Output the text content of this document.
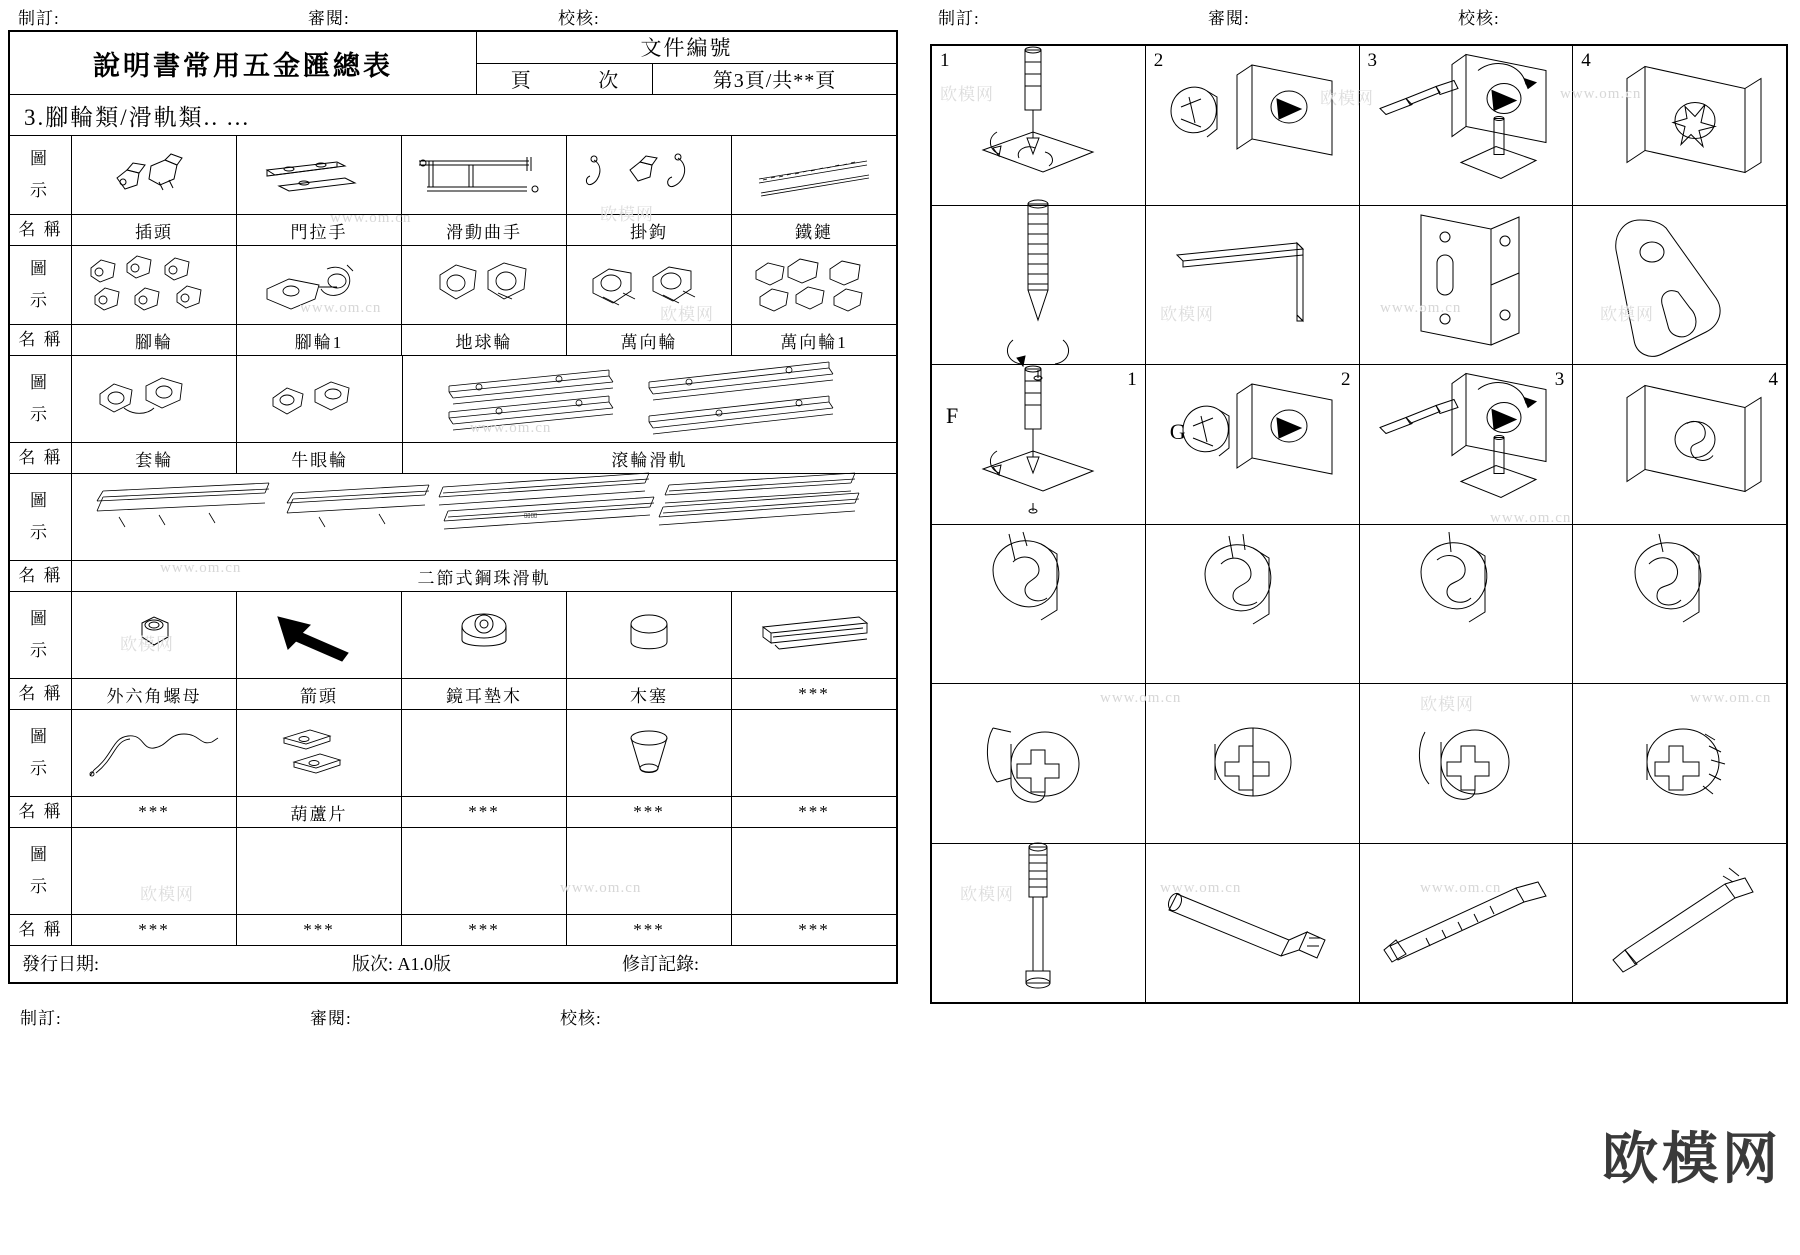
制訂:	審閱:	校核:
說明書常用五金匯總表
文件編號
頁	次	第3頁/共**頁
3.腳輪類/滑軌類.. ...
圖
示
名 稱	插頭	門拉手	滑動曲手	掛鉤	鐵鏈
圖
示
名 稱	腳輪	腳輪1	地球輪	萬向輪	萬向輪1
圖
示
名 稱	套輪	牛眼輪	滾輪滑軌
圖
示
▯▯▯▯
名 稱	二節式鋼珠滑軌
圖
示
名 稱	外六角螺母	箭頭	鏡耳墊木	木塞	***
圖
示
名 稱	***	葫蘆片	***	***	***
圖
示
名 稱	***	***	***	***	***
發行日期:	版次: A1.0版	修訂記錄:
制訂:	審閱:	校核:
制訂:	審閱:	校核:
1	2	3	4
1
F
2
G
3	4
欧模网
www.om.cn	欧模网
www.om.cn	欧模网
www.om.cn
www.om.cn
欧模网
www.om.cn
欧模网	www.om.cn
欧模网
欧模网	www.om.cn	欧模网
www.om.cn
欧模网
www.om.cn	www.om.cn
欧模网	www.om.cn	www.om.cn
欧模网
